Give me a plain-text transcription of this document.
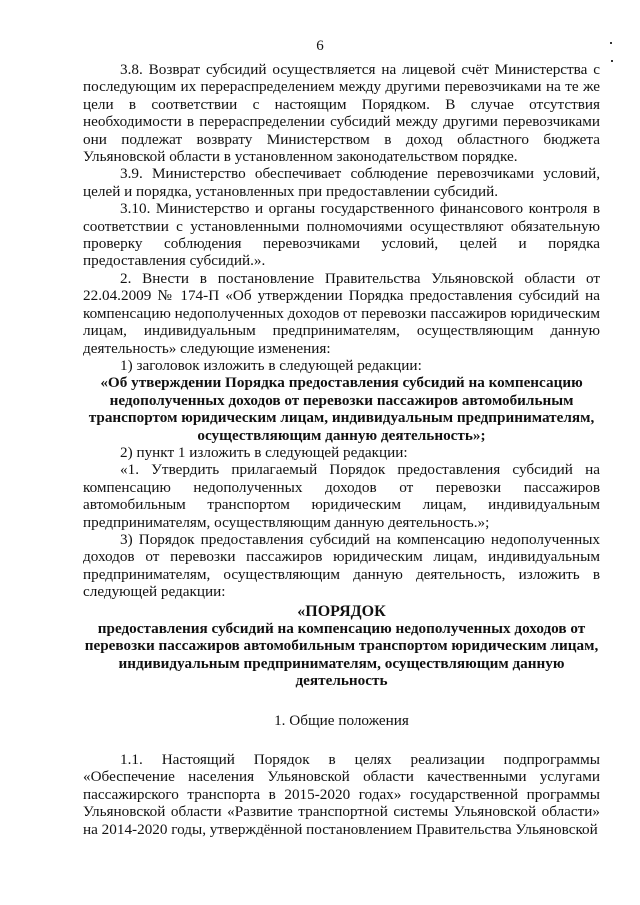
6

3.8. Возврат субсидий осуществляется на лицевой счёт Министерства с последующим их перераспределением между другими перевозчиками на те же цели в соответствии с настоящим Порядком. В случае отсутствия необходимости в перераспределении субсидий между другими перевозчиками они подлежат возврату Министерством в доход областного бюджета Ульяновской области в установленном законодательством порядке.

3.9. Министерство обеспечивает соблюдение перевозчиками условий, целей и порядка, установленных при предоставлении субсидий.

3.10. Министерство и органы государственного финансового контроля в соответствии с установленными полномочиями осуществляют обязательную проверку соблюдения перевозчиками условий, целей и порядка предоставления субсидий.».

2. Внести в постановление Правительства Ульяновской области от 22.04.2009 № 174-П «Об утверждении Порядка предоставления субсидий на компенсацию недополученных доходов от перевозки пассажиров юридическим лицам, индивидуальным предпринимателям, осуществляющим данную деятельность» следующие изменения:

1) заголовок изложить в следующей редакции:

«Об утверждении Порядка предоставления субсидий на компенсацию недополученных доходов от перевозки пассажиров автомобильным транспортом юридическим лицам, индивидуальным предпринимателям, осуществляющим данную деятельность»;

2) пункт 1 изложить в следующей редакции:

«1. Утвердить прилагаемый Порядок предоставления субсидий на компенсацию недополученных доходов от перевозки пассажиров автомобильным транспортом юридическим лицам, индивидуальным предпринимателям, осуществляющим данную деятельность.»;

3) Порядок предоставления субсидий на компенсацию недополученных доходов от перевозки пассажиров юридическим лицам, индивидуальным предпринимателям, осуществляющим данную деятельность, изложить в следующей редакции:

«ПОРЯДОК

предоставления субсидий на компенсацию недополученных доходов от перевозки пассажиров автомобильным транспортом юридическим лицам, индивидуальным предпринимателям, осуществляющим данную деятельность

1. Общие положения

1.1. Настоящий Порядок в целях реализации подпрограммы «Обеспечение населения Ульяновской области качественными услугами пассажирского транспорта в 2015-2020 годах» государственной программы Ульяновской области «Развитие транспортной системы Ульяновской области» на 2014-2020 годы, утверждённой постановлением Правительства Ульяновской
